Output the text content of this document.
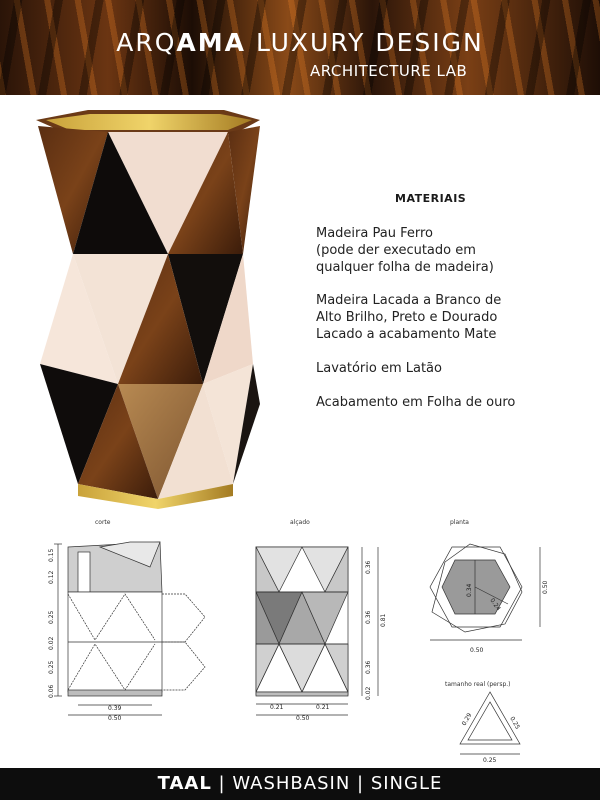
ARQAMA LUXURY DESIGN
ARCHITECTURE LAB
MATERIAIS
Madeira Pau Ferro
(pode der executado em
qualquer folha de madeira)
Madeira Lacada a Branco de
Alto Brilho, Preto e Dourado
Lacado a acabamento Mate
Lavatório em Latão
Acabamento em Folha de ouro
corte	alçado	planta
0.15
0.12
0.25
0.02
0.25
0.06
0.39
0.50
0.36
0.36
0.36
0.02
0.81
0.21	0.21
0.50
0.34
0.24
0.50
0.50
tamanho real (persp.)
0.29	0.25
0.25
TAAL | WASHBASIN | SINGLE
